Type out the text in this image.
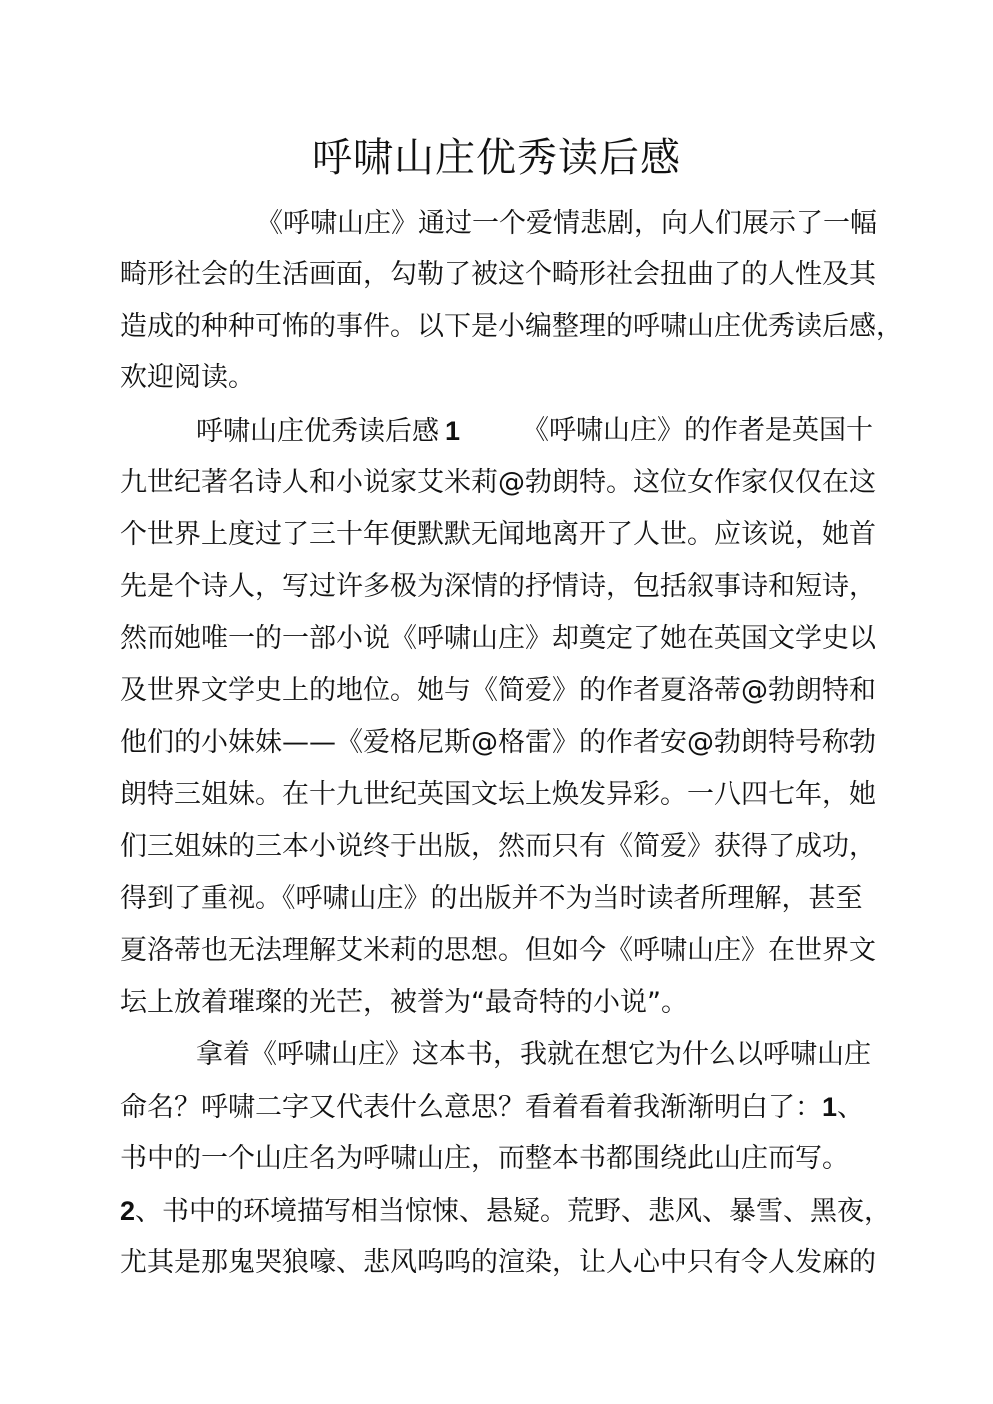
呼啸山庄优秀读后感
《呼啸山庄》通过一个爱情悲剧，向人们展示了一幅
畸形社会的生活画面，勾勒了被这个畸形社会扭曲了的人性及其
造成的种种可怖的事件。以下是小编整理的呼啸山庄优秀读后感，
欢迎阅读。
呼啸山庄优秀读后感 1 《呼啸山庄》的作者是英国十
九世纪著名诗人和小说家艾米莉@勃朗特。这位女作家仅仅在这
个世界上度过了三十年便默默无闻地离开了人世。应该说，她首
先是个诗人，写过许多极为深情的抒情诗，包括叙事诗和短诗，
然而她唯一的一部小说《呼啸山庄》却奠定了她在英国文学史以
及世界文学史上的地位。她与《简爱》的作者夏洛蒂@勃朗特和
他们的小妹妹——《爱格尼斯@格雷》的作者安@勃朗特号称勃
朗特三姐妹。在十九世纪英国文坛上焕发异彩。一八四七年，她
们三姐妹的三本小说终于出版，然而只有《简爱》获得了成功，
得到了重视。《呼啸山庄》的出版并不为当时读者所理解，甚至
夏洛蒂也无法理解艾米莉的思想。但如今《呼啸山庄》在世界文
坛上放着璀璨的光芒，被誉为“最奇特的小说”。
拿着《呼啸山庄》这本书，我就在想它为什么以呼啸山庄
命名？呼啸二字又代表什么意思？看着看着我渐渐明白了：1、
书中的一个山庄名为呼啸山庄，而整本书都围绕此山庄而写。
2、书中的环境描写相当惊悚、悬疑。荒野、悲风、暴雪、黑夜，
尤其是那鬼哭狼嚎、悲风呜呜的渲染，让人心中只有令人发麻的
